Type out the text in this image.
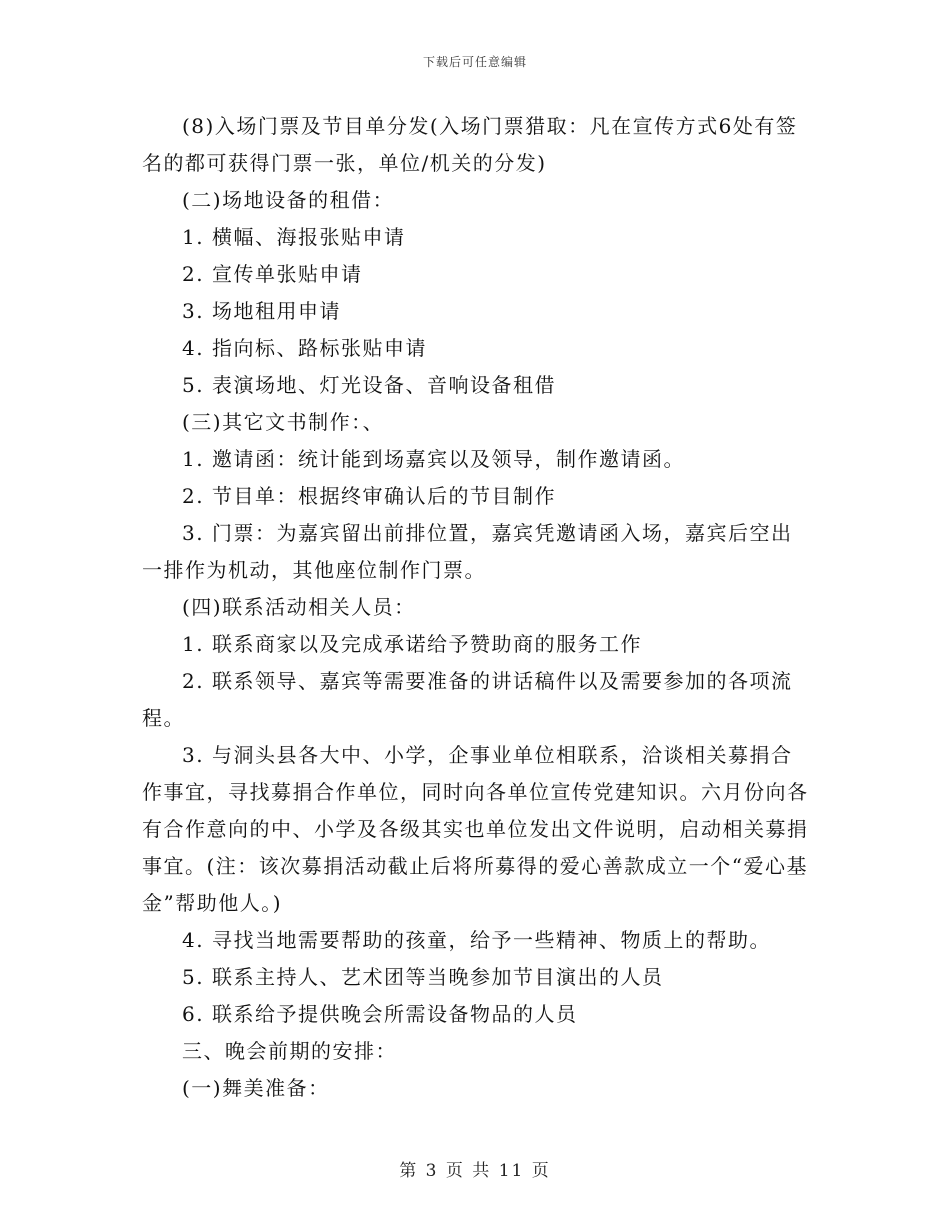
下载后可任意编辑

(8)入场门票及节目单分发(入场门票猎取：凡在宣传方式6处有签名的都可获得门票一张，单位/机关的分发)

(二)场地设备的租借：

1. 横幅、海报张贴申请

2. 宣传单张贴申请

3. 场地租用申请

4. 指向标、路标张贴申请

5. 表演场地、灯光设备、音响设备租借

(三)其它文书制作：、

1. 邀请函：统计能到场嘉宾以及领导，制作邀请函。

2. 节目单：根据终审确认后的节目制作

3. 门票：为嘉宾留出前排位置，嘉宾凭邀请函入场，嘉宾后空出一排作为机动，其他座位制作门票。

(四)联系活动相关人员：

1. 联系商家以及完成承诺给予赞助商的服务工作

2. 联系领导、嘉宾等需要准备的讲话稿件以及需要参加的各项流程。

3. 与洞头县各大中、小学，企事业单位相联系，洽谈相关募捐合作事宜，寻找募捐合作单位，同时向各单位宣传党建知识。六月份向各有合作意向的中、小学及各级其实也单位发出文件说明，启动相关募捐事宜。(注：该次募捐活动截止后将所募得的爱心善款成立一个“爱心基金”帮助他人。)

4. 寻找当地需要帮助的孩童，给予一些精神、物质上的帮助。

5. 联系主持人、艺术团等当晚参加节目演出的人员

6. 联系给予提供晚会所需设备物品的人员

三、晚会前期的安排：

(一)舞美准备：

第 3 页 共 11 页
